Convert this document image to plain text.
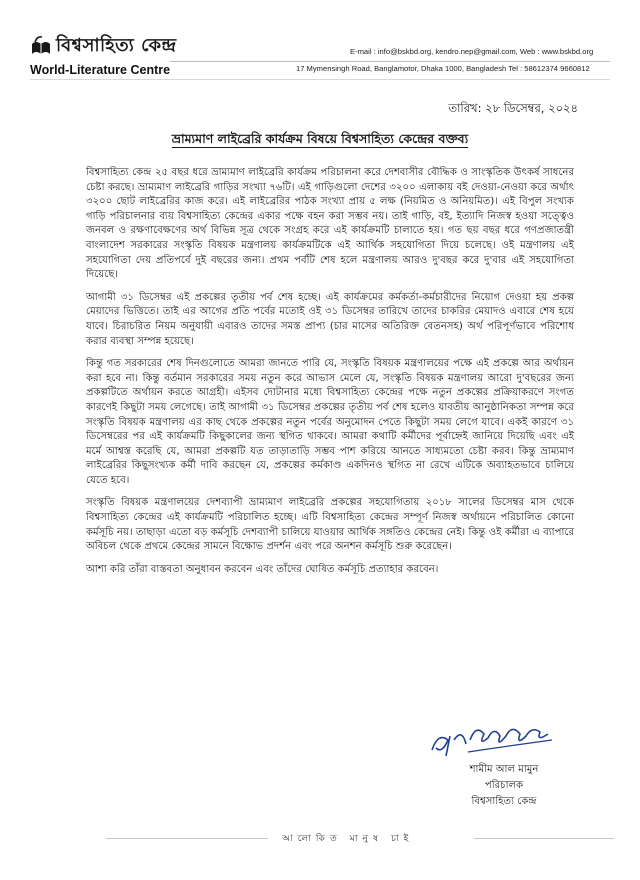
বিশ্বসাহিত্য কেন্দ্র	E-mail : info@bskbd.org, kendro.nep@gmail.com, Web : www.bskbd.org
World-Literature Centre	17 Mymensingh Road, Banglamotor, Dhaka 1000, Bangladesh Tel : 58612374 9660812
তারিখ: ২৮ ডিসেম্বর, ২০২৪
ভ্রাম্যমাণ লাইব্রেরি কার্যক্রম বিষয়ে বিশ্বসাহিত্য কেন্দ্রের বক্তব্য

বিশ্বসাহিত্য কেন্দ্র ২৫ বছর ধরে ভ্রাম্যমাণ লাইব্রেরি কার্যক্রম পরিচালনা করে দেশবাসীর বৌদ্ধিক ও সাংস্কৃতিক উৎকর্ষ সাধনের চেষ্টা করছে। ভ্রাম্যমাণ লাইব্রেরি গাড়ির সংখ্যা ৭৬টি। এই গাড়িগুলো দেশের ৩২০০ এলাকায় বই দেওয়া-নেওয়া করে অর্থাৎ ৩২০০ ছোট লাইব্রেরির কাজ করে। এই লাইব্রেরির পাঠক সংখ্যা প্রায় ৫ লক্ষ (নিয়মিত ও অনিয়মিত)। এই বিপুল সংখ্যক গাড়ি পরিচালনার ব্যয় বিশ্বসাহিত্য কেন্দ্রের একার পক্ষে বহন করা সম্ভব নয়। তাই গাড়ি, বই, ইত্যাদি নিজস্ব হওয়া সত্ত্বেও জনবল ও রক্ষণাবেক্ষণের অর্থ বিভিন্ন সূত্র থেকে সংগ্রহ করে এই কার্যক্রমটি চালাতে হয়। গত ছয় বছর ধরে গণপ্রজাতন্ত্রী বাংলাদেশ সরকারের সংস্কৃতি বিষয়ক মন্ত্রণালয় কার্যক্রমটিকে এই আর্থিক সহযোগিতা দিয়ে চলেছে। ওই মন্ত্রণালয় এই সহযোগিতা দেয় প্রতিপর্বে দুই বছরের জন্য। প্রথম পর্বটি শেষ হলে মন্ত্রণালয় আরও দু'বছর করে দু'বার এই সহযোগিতা দিয়েছে।

আগামী ৩১ ডিসেম্বর এই প্রকল্পের তৃতীয় পর্ব শেষ হচ্ছে। এই কার্যক্রমের কর্মকর্তা-কর্মচারীদের নিয়োগ দেওয়া হয় প্রকল্প মেয়াদের ভিত্তিতে। তাই এর আগের প্রতি পর্বের মতোই ওই ৩১ ডিসেম্বর তারিখে তাদের চাকরির মেয়াদও এবারে শেষ হয়ে যাবে। চিরাচরিত নিয়ম অনুযায়ী এবারও তাদের সমস্ত প্রাপ্য (চার মাসের অতিরিক্ত বেতনসহ) অর্থ পরিপূর্ণভাবে পরিশোধ করার ব্যবস্থা সম্পন্ন হয়েছে।

কিন্তু গত সরকারের শেষ দিনগুলোতে আমরা জানতে পারি যে, সংস্কৃতি বিষয়ক মন্ত্রণালয়ের পক্ষে এই প্রকল্পে আর অর্থায়ন করা হবে না। কিন্তু বর্তমান সরকারের সময় নতুন করে আভাস মেলে যে, সংস্কৃতি বিষয়ক মন্ত্রণালয় আরো দু'বছরের জন্য প্রকল্পটিতে অর্থায়ন করতে আগ্রহী। এইসব দোটানার মধ্যে বিশ্বসাহিত্য কেন্দ্রের পক্ষে নতুন প্রকল্পের প্রক্রিয়াকরণে সংগত কারণেই কিছুটা সময় লেগেছে। তাই আগামী ৩১ ডিসেম্বর প্রকল্পের তৃতীয় পর্ব শেষ হলেও যাবতীয় আনুষ্ঠানিকতা সম্পন্ন করে সংস্কৃতি বিষয়ক মন্ত্রণালয় এর কাছ থেকে প্রকল্পের নতুন পর্বের অনুমোদন পেতে কিছুটা সময় লেগে যাবে। একই কারণে ৩১ ডিসেম্বরের পর এই কার্যক্রমটি কিছুকালের জন্য স্থগিত থাকবে। আমরা কথাটি কর্মীদের পূর্বাহ্নেই জানিয়ে দিয়েছি এবং এই মর্মে আশ্বস্ত করেছি যে, আমরা প্রকল্পটি যত তাড়াতাড়ি সম্ভব পাশ করিয়ে আনতে সাধ্যমতো চেষ্টা করব। কিন্তু ভ্রাম্যমাণ লাইব্রেরির কিছুসংখ্যক কর্মী দাবি করছেন যে, প্রকল্পের কর্মকাণ্ড একদিনও স্থগিত না রেখে এটিকে অব্যাহতভাবে চালিয়ে যেতে হবে।

সংস্কৃতি বিষয়ক মন্ত্রণালয়ের দেশব্যাপী ভ্রাম্যমাণ লাইব্রেরি প্রকল্পের সহযোগিতায় ২০১৮ সালের ডিসেম্বর মাস থেকে বিশ্বসাহিত্য কেন্দ্রের এই কার্যক্রমটি পরিচালিত হচ্ছে। এটি বিশ্বসাহিত্য কেন্দ্রের সম্পূর্ণ নিজস্ব অর্থায়নে পরিচালিত কোনো কর্মসূচি নয়। তাছাড়া এতো বড় কর্মসূচি দেশব্যাপী চালিয়ে যাওয়ার আর্থিক সঙ্গতিও কেন্দ্রের নেই। কিন্তু ওই কর্মীরা এ ব্যাপারে অবিচল থেকে প্রথমে কেন্দ্রের সামনে বিক্ষোভ প্রদর্শন এবং পরে অনশন কর্মসূচি শুরু করেছেন।

আশা করি তাঁরা বাস্তবতা অনুধাবন করবেন এবং তাঁদের ঘোষিত কর্মসূচি প্রত্যাহার করবেন।

শামীম আল মামুন
পরিচালক
বিশ্বসাহিত্য কেন্দ্র
আলোকিত মানুষ চাই
